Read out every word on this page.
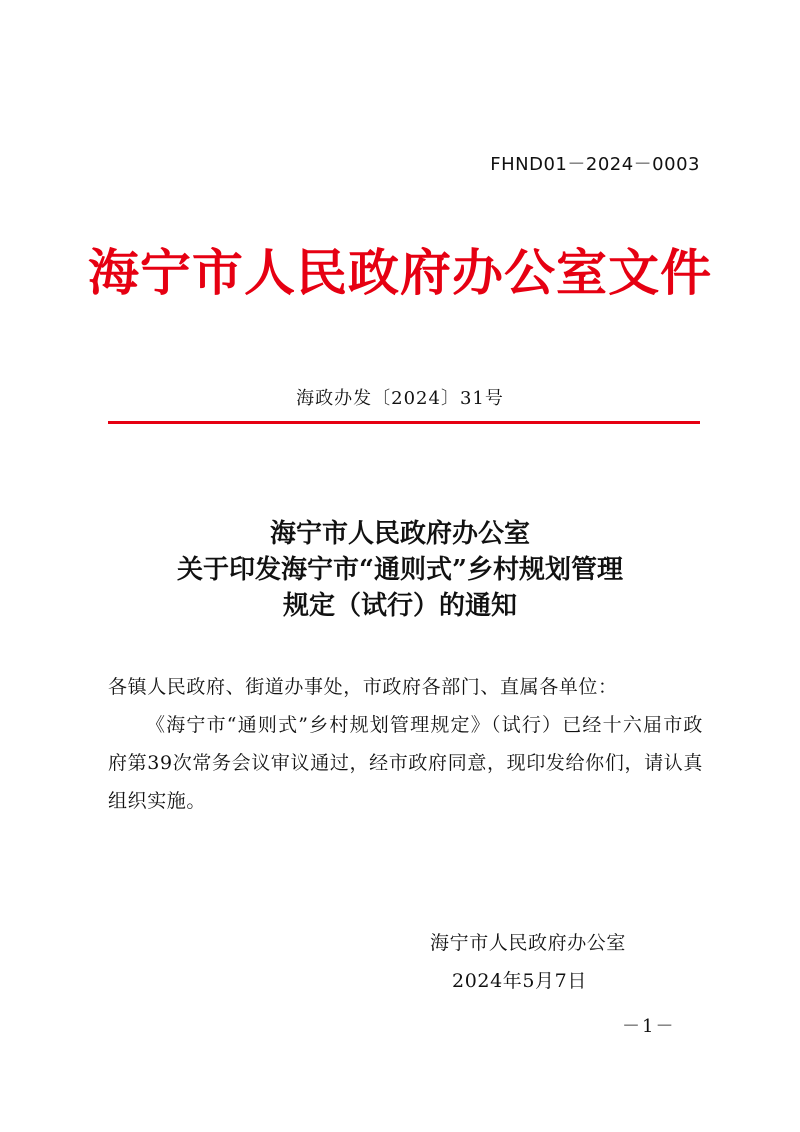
FHND01－2024－0003
海宁市人民政府办公室文件
海政办发〔2024〕31号
海宁市人民政府办公室
关于印发海宁市“通则式”乡村规划管理
规定（试行）的通知
各镇人民政府、街道办事处，市政府各部门、直属各单位：
《海宁市“通则式”乡村规划管理规定》（试行）已经十六届市政府第39次常务会议审议通过，经市政府同意，现印发给你们，请认真组织实施。
海宁市人民政府办公室
2024年5月7日
－1－
